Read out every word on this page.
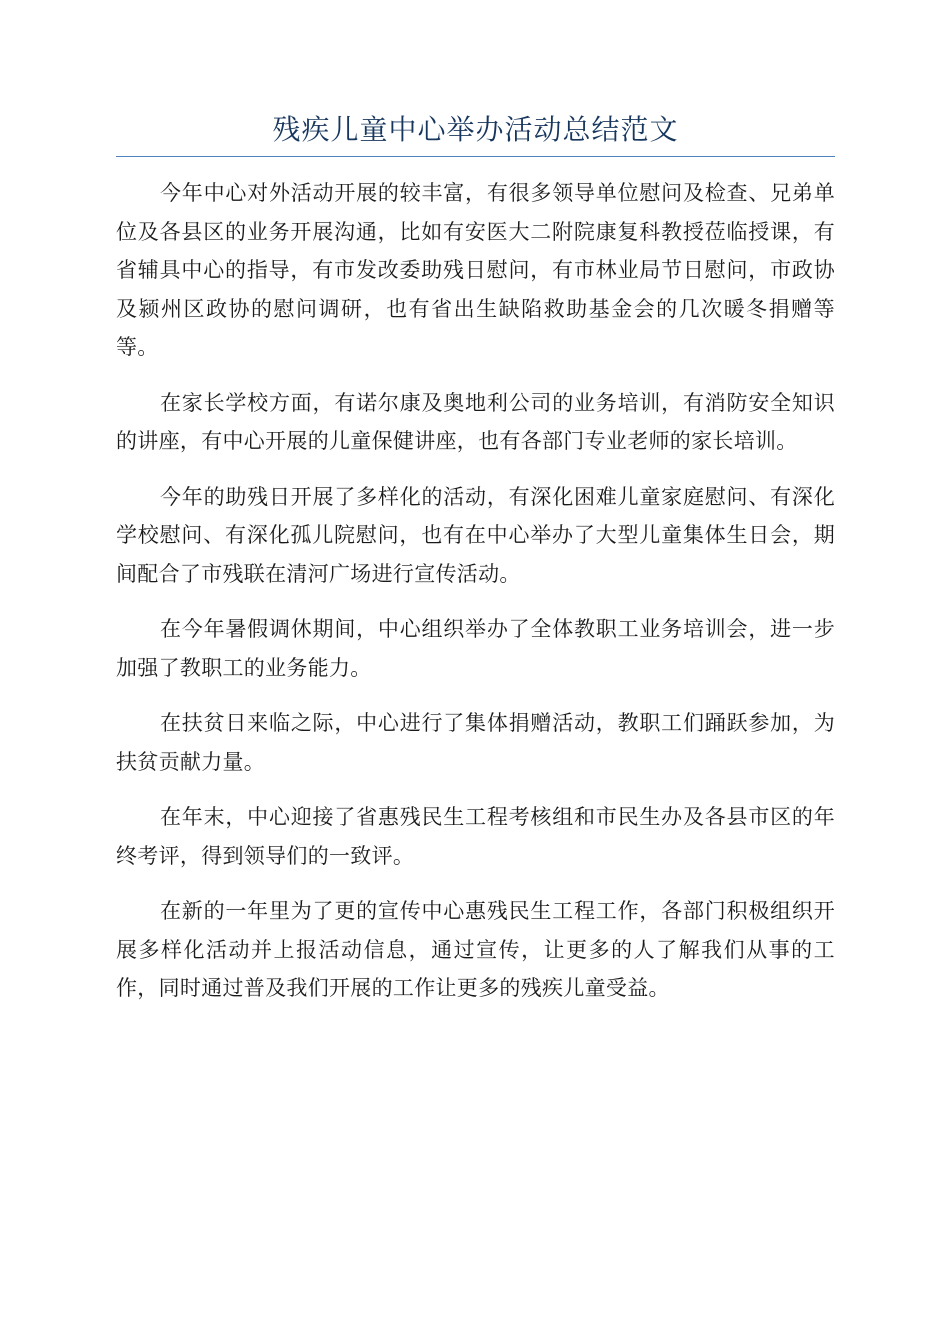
残疾儿童中心举办活动总结范文

今年中心对外活动开展的较丰富，有很多领导单位慰问及检查、兄弟单位及各县区的业务开展沟通，比如有安医大二附院康复科教授莅临授课，有省辅具中心的指导，有市发改委助残日慰问，有市林业局节日慰问，市政协及颍州区政协的慰问调研，也有省出生缺陷救助基金会的几次暖冬捐赠等等。

在家长学校方面，有诺尔康及奥地利公司的业务培训，有消防安全知识的讲座，有中心开展的儿童保健讲座，也有各部门专业老师的家长培训。

今年的助残日开展了多样化的活动，有深化困难儿童家庭慰问、有深化学校慰问、有深化孤儿院慰问，也有在中心举办了大型儿童集体生日会，期间配合了市残联在清河广场进行宣传活动。

在今年暑假调休期间，中心组织举办了全体教职工业务培训会，进一步加强了教职工的业务能力。

在扶贫日来临之际，中心进行了集体捐赠活动，教职工们踊跃参加，为扶贫贡献力量。

在年末，中心迎接了省惠残民生工程考核组和市民生办及各县市区的年终考评，得到领导们的一致评。

在新的一年里为了更的宣传中心惠残民生工程工作，各部门积极组织开展多样化活动并上报活动信息，通过宣传，让更多的人了解我们从事的工作，同时通过普及我们开展的工作让更多的残疾儿童受益。
